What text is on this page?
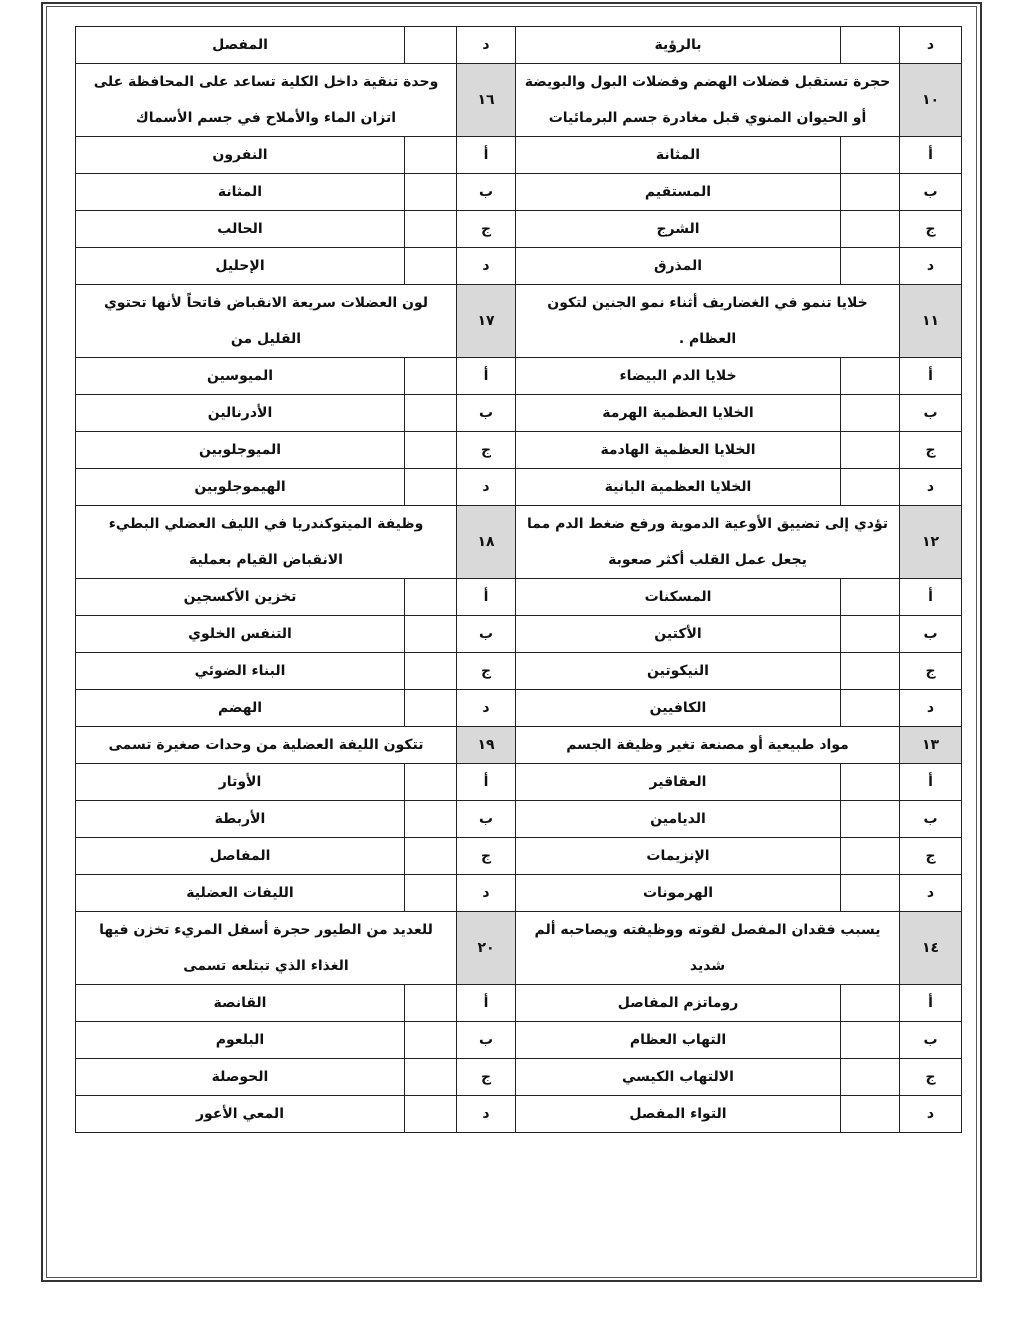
د		بالرؤية	د		المفصل
١٠	حجرة تستقبل فضلات الهضم وفضلات البول والبويضة أو الحيوان المنوي قبل مغادرة جسم البرمائيات		١٦	وحدة تنقية داخل الكلية تساعد على المحافظة على اتزان الماء والأملاح في جسم الأسماك	
أ		المثانة	أ		النفرون
ب		المستقيم	ب		المثانة
ج		الشرج	ج		الحالب
د		المذرق	د		الإحليل
١١	خلايا تنمو في الغضاريف أثناء نمو الجنين لتكون العظام .		١٧	لون العضلات سريعة الانقباض فاتحاً لأنها تحتوي القليل من	
أ		خلايا الدم البيضاء	أ		الميوسين
ب		الخلايا العظمية الهرمة	ب		الأدرنالين
ج		الخلايا العظمية الهادمة	ج		الميوجلوبين
د		الخلايا العظمية البانية	د		الهيموجلوبين
١٢	تؤدي إلى تضييق الأوعية الدموية ورفع ضغط الدم مما يجعل عمل القلب أكثر صعوبة		١٨	وظيفة الميتوكندريا في الليف العضلي البطيء الانقباض القيام بعملية	
أ		المسكنات	أ		تخزين الأكسجين
ب		الأكتين	ب		التنفس الخلوي
ج		النيكوتين	ج		البناء الضوئي
د		الكافيين	د		الهضم
١٣	مواد طبيعية أو مصنعة تغير وظيفة الجسم		١٩	تتكون الليفة العضلية من وحدات صغيرة تسمى	
أ		العقاقير	أ		الأوتار
ب		الديامين	ب		الأربطة
ج		الإنزيمات	ج		المفاصل
د		الهرمونات	د		الليفات العضلية
١٤	يسبب فقدان المفصل لقوته ووظيفته ويصاحبه ألم شديد		٢٠	للعديد من الطيور حجرة أسفل المريء تخزن فيها الغذاء الذي تبتلعه تسمى	
أ		روماتزم المفاصل	أ		القانصة
ب		التهاب العظام	ب		البلعوم
ج		الالتهاب الكيسي	ج		الحوصلة
د		التواء المفصل	د		المعي الأعور
